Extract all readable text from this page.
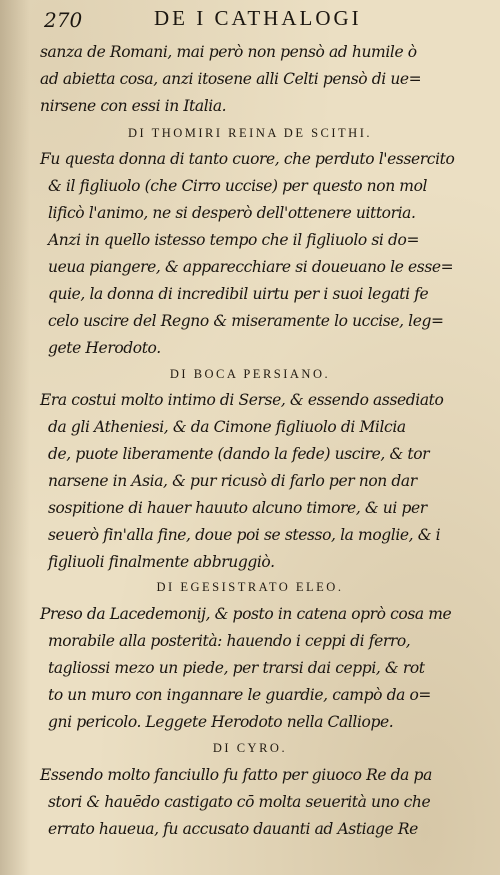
270	DE I CATHALOGI
sanza de Romani, mai però non pensò ad humile ò
ad abietta cosa, anzi itosene alli Celti pensò di ue=
nirsene con essi in Italia.
DI THOMIRI REINA DE SCITHI.
Fu questa donna di tanto cuore, che perduto l'essercito
& il figliuolo (che Cirro uccise) per questo non mol
lificò l'animo, ne si desperò dell'ottenere uittoria.
Anzi in quello istesso tempo che il figliuolo si do=
ueua piangere, & apparecchiare si doueuano le esse=
quie, la donna di incredibil uirtu per i suoi legati fe
celo uscire del Regno & miseramente lo uccise, leg=
gete Herodoto.
DI BOCA PERSIANO.
Era costui molto intimo di Serse, & essendo assediato
da gli Atheniesi, & da Cimone figliuolo di Milcia
de, puote liberamente (dando la fede) uscire, & tor
narsene in Asia, & pur ricusò di farlo per non dar
sospitione di hauer hauuto alcuno timore, & ui per
seuerò fin'alla fine, doue poi se stesso, la moglie, & i
figliuoli finalmente abbruggiò.
DI EGESISTRATO ELEO.
Preso da Lacedemonij, & posto in catena oprò cosa me
morabile alla posterità: hauendo i ceppi di ferro,
tagliossi mezo un piede, per trarsi dai ceppi, & rot
to un muro con ingannare le guardie, campò da o=
gni pericolo. Leggete Herodoto nella Calliope.
DI CYRO.
Essendo molto fanciullo fu fatto per giuoco Re da pa
stori & hauēdo castigato cō molta seuerità uno che
errato haueua, fu accusato dauanti ad Astiage Re
